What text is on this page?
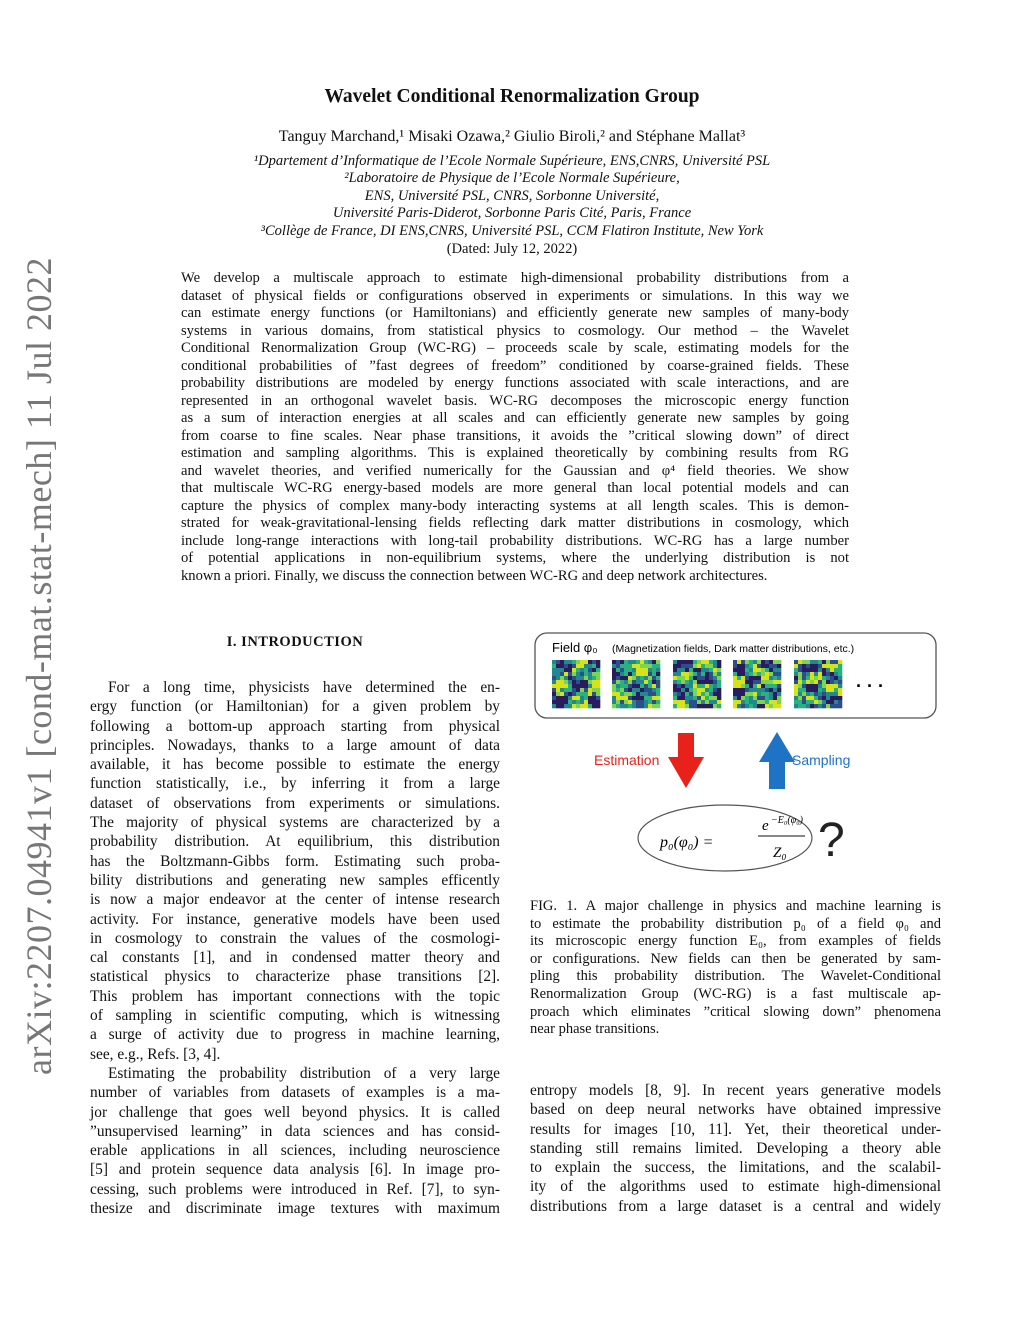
arXiv:2207.04941v1 [cond-mat.stat-mech] 11 Jul 2022
Wavelet Conditional Renormalization Group
Tanguy Marchand,¹ Misaki Ozawa,² Giulio Biroli,² and Stéphane Mallat³
¹Dpartement d’Informatique de l’Ecole Normale Supérieure, ENS,CNRS, Université PSL
²Laboratoire de Physique de l’Ecole Normale Supérieure,
ENS, Université PSL, CNRS, Sorbonne Université,
Université Paris-Diderot, Sorbonne Paris Cité, Paris, France
³Collège de France, DI ENS,CNRS, Université PSL, CCM Flatiron Institute, New York
(Dated: July 12, 2022)
We develop a multiscale approach to estimate high-dimensional probability distributions from a
dataset of physical fields or configurations observed in experiments or simulations. In this way we
can estimate energy functions (or Hamiltonians) and efficiently generate new samples of many-body
systems in various domains, from statistical physics to cosmology. Our method – the Wavelet
Conditional Renormalization Group (WC-RG) – proceeds scale by scale, estimating models for the
conditional probabilities of ”fast degrees of freedom” conditioned by coarse-grained fields. These
probability distributions are modeled by energy functions associated with scale interactions, and are
represented in an orthogonal wavelet basis. WC-RG decomposes the microscopic energy function
as a sum of interaction energies at all scales and can efficiently generate new samples by going
from coarse to fine scales. Near phase transitions, it avoids the ”critical slowing down” of direct
estimation and sampling algorithms. This is explained theoretically by combining results from RG
and wavelet theories, and verified numerically for the Gaussian and φ⁴ field theories. We show
that multiscale WC-RG energy-based models are more general than local potential models and can
capture the physics of complex many-body interacting systems at all length scales. This is demon-
strated for weak-gravitational-lensing fields reflecting dark matter distributions in cosmology, which
include long-range interactions with long-tail probability distributions. WC-RG has a large number
of potential applications in non-equilibrium systems, where the underlying distribution is not
known a priori. Finally, we discuss the connection between WC-RG and deep network architectures.
I. INTRODUCTION
For a long time, physicists have determined the en-
ergy function (or Hamiltonian) for a given problem by
following a bottom-up approach starting from physical
principles. Nowadays, thanks to a large amount of data
available, it has become possible to estimate the energy
function statistically, i.e., by inferring it from a large
dataset of observations from experiments or simulations.
The majority of physical systems are characterized by a
probability distribution. At equilibrium, this distribution
has the Boltzmann-Gibbs form. Estimating such proba-
bility distributions and generating new samples efficently
is now a major endeavor at the center of intense research
activity. For instance, generative models have been used
in cosmology to constrain the values of the cosmologi-
cal constants [1], and in condensed matter theory and
statistical physics to characterize phase transitions [2].
This problem has important connections with the topic
of sampling in scientific computing, which is witnessing
a surge of activity due to progress in machine learning,
see, e.g., Refs. [3, 4].
Estimating the probability distribution of a very large
number of variables from datasets of examples is a ma-
jor challenge that goes well beyond physics. It is called
”unsupervised learning” in data sciences and has consid-
erable applications in all sciences, including neuroscience
[5] and protein sequence data analysis [6]. In image pro-
cessing, such problems were introduced in Ref. [7], to syn-
thesize and discriminate image textures with maximum
Field φ₀ (Magnetization fields, Dark matter distributions, etc.)
· · ·
Estimation	Sampling
p₀(φ₀) =
e −E₀(φ₀)
Z₀ ?
FIG. 1. A major challenge in physics and machine learning is
to estimate the probability distribution p₀ of a field φ₀ and
its microscopic energy function E₀, from examples of fields
or configurations. New fields can then be generated by sam-
pling this probability distribution. The Wavelet-Conditional
Renormalization Group (WC-RG) is a fast multiscale ap-
proach which eliminates ”critical slowing down” phenomena
near phase transitions.
entropy models [8, 9]. In recent years generative models
based on deep neural networks have obtained impressive
results for images [10, 11]. Yet, their theoretical under-
standing still remains limited. Developing a theory able
to explain the success, the limitations, and the scalabil-
ity of the algorithms used to estimate high-dimensional
distributions from a large dataset is a central and widely
